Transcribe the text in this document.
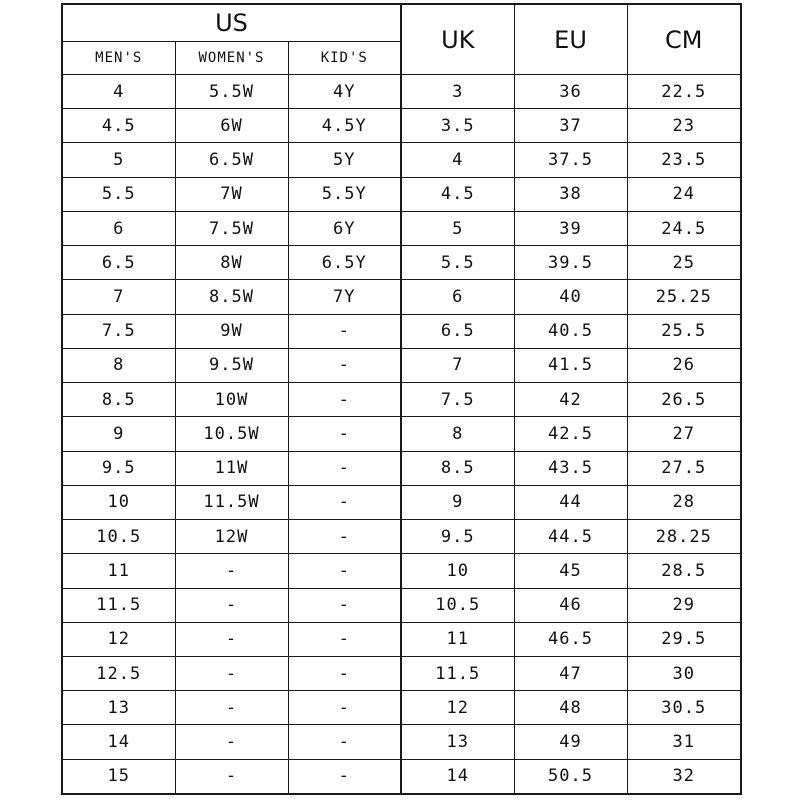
US			UK	EU	CM
MEN'S	WOMEN'S	KID'S			
4	5.5W	4Y	3	36	22.5
4.5	6W	4.5Y	3.5	37	23
5	6.5W	5Y	4	37.5	23.5
5.5	7W	5.5Y	4.5	38	24
6	7.5W	6Y	5	39	24.5
6.5	8W	6.5Y	5.5	39.5	25
7	8.5W	7Y	6	40	25.25
7.5	9W	-	6.5	40.5	25.5
8	9.5W	-	7	41.5	26
8.5	10W	-	7.5	42	26.5
9	10.5W	-	8	42.5	27
9.5	11W	-	8.5	43.5	27.5
10	11.5W	-	9	44	28
10.5	12W	-	9.5	44.5	28.25
11	-	-	10	45	28.5
11.5	-	-	10.5	46	29
12	-	-	11	46.5	29.5
12.5	-	-	11.5	47	30
13	-	-	12	48	30.5
14	-	-	13	49	31
15	-	-	14	50.5	32
